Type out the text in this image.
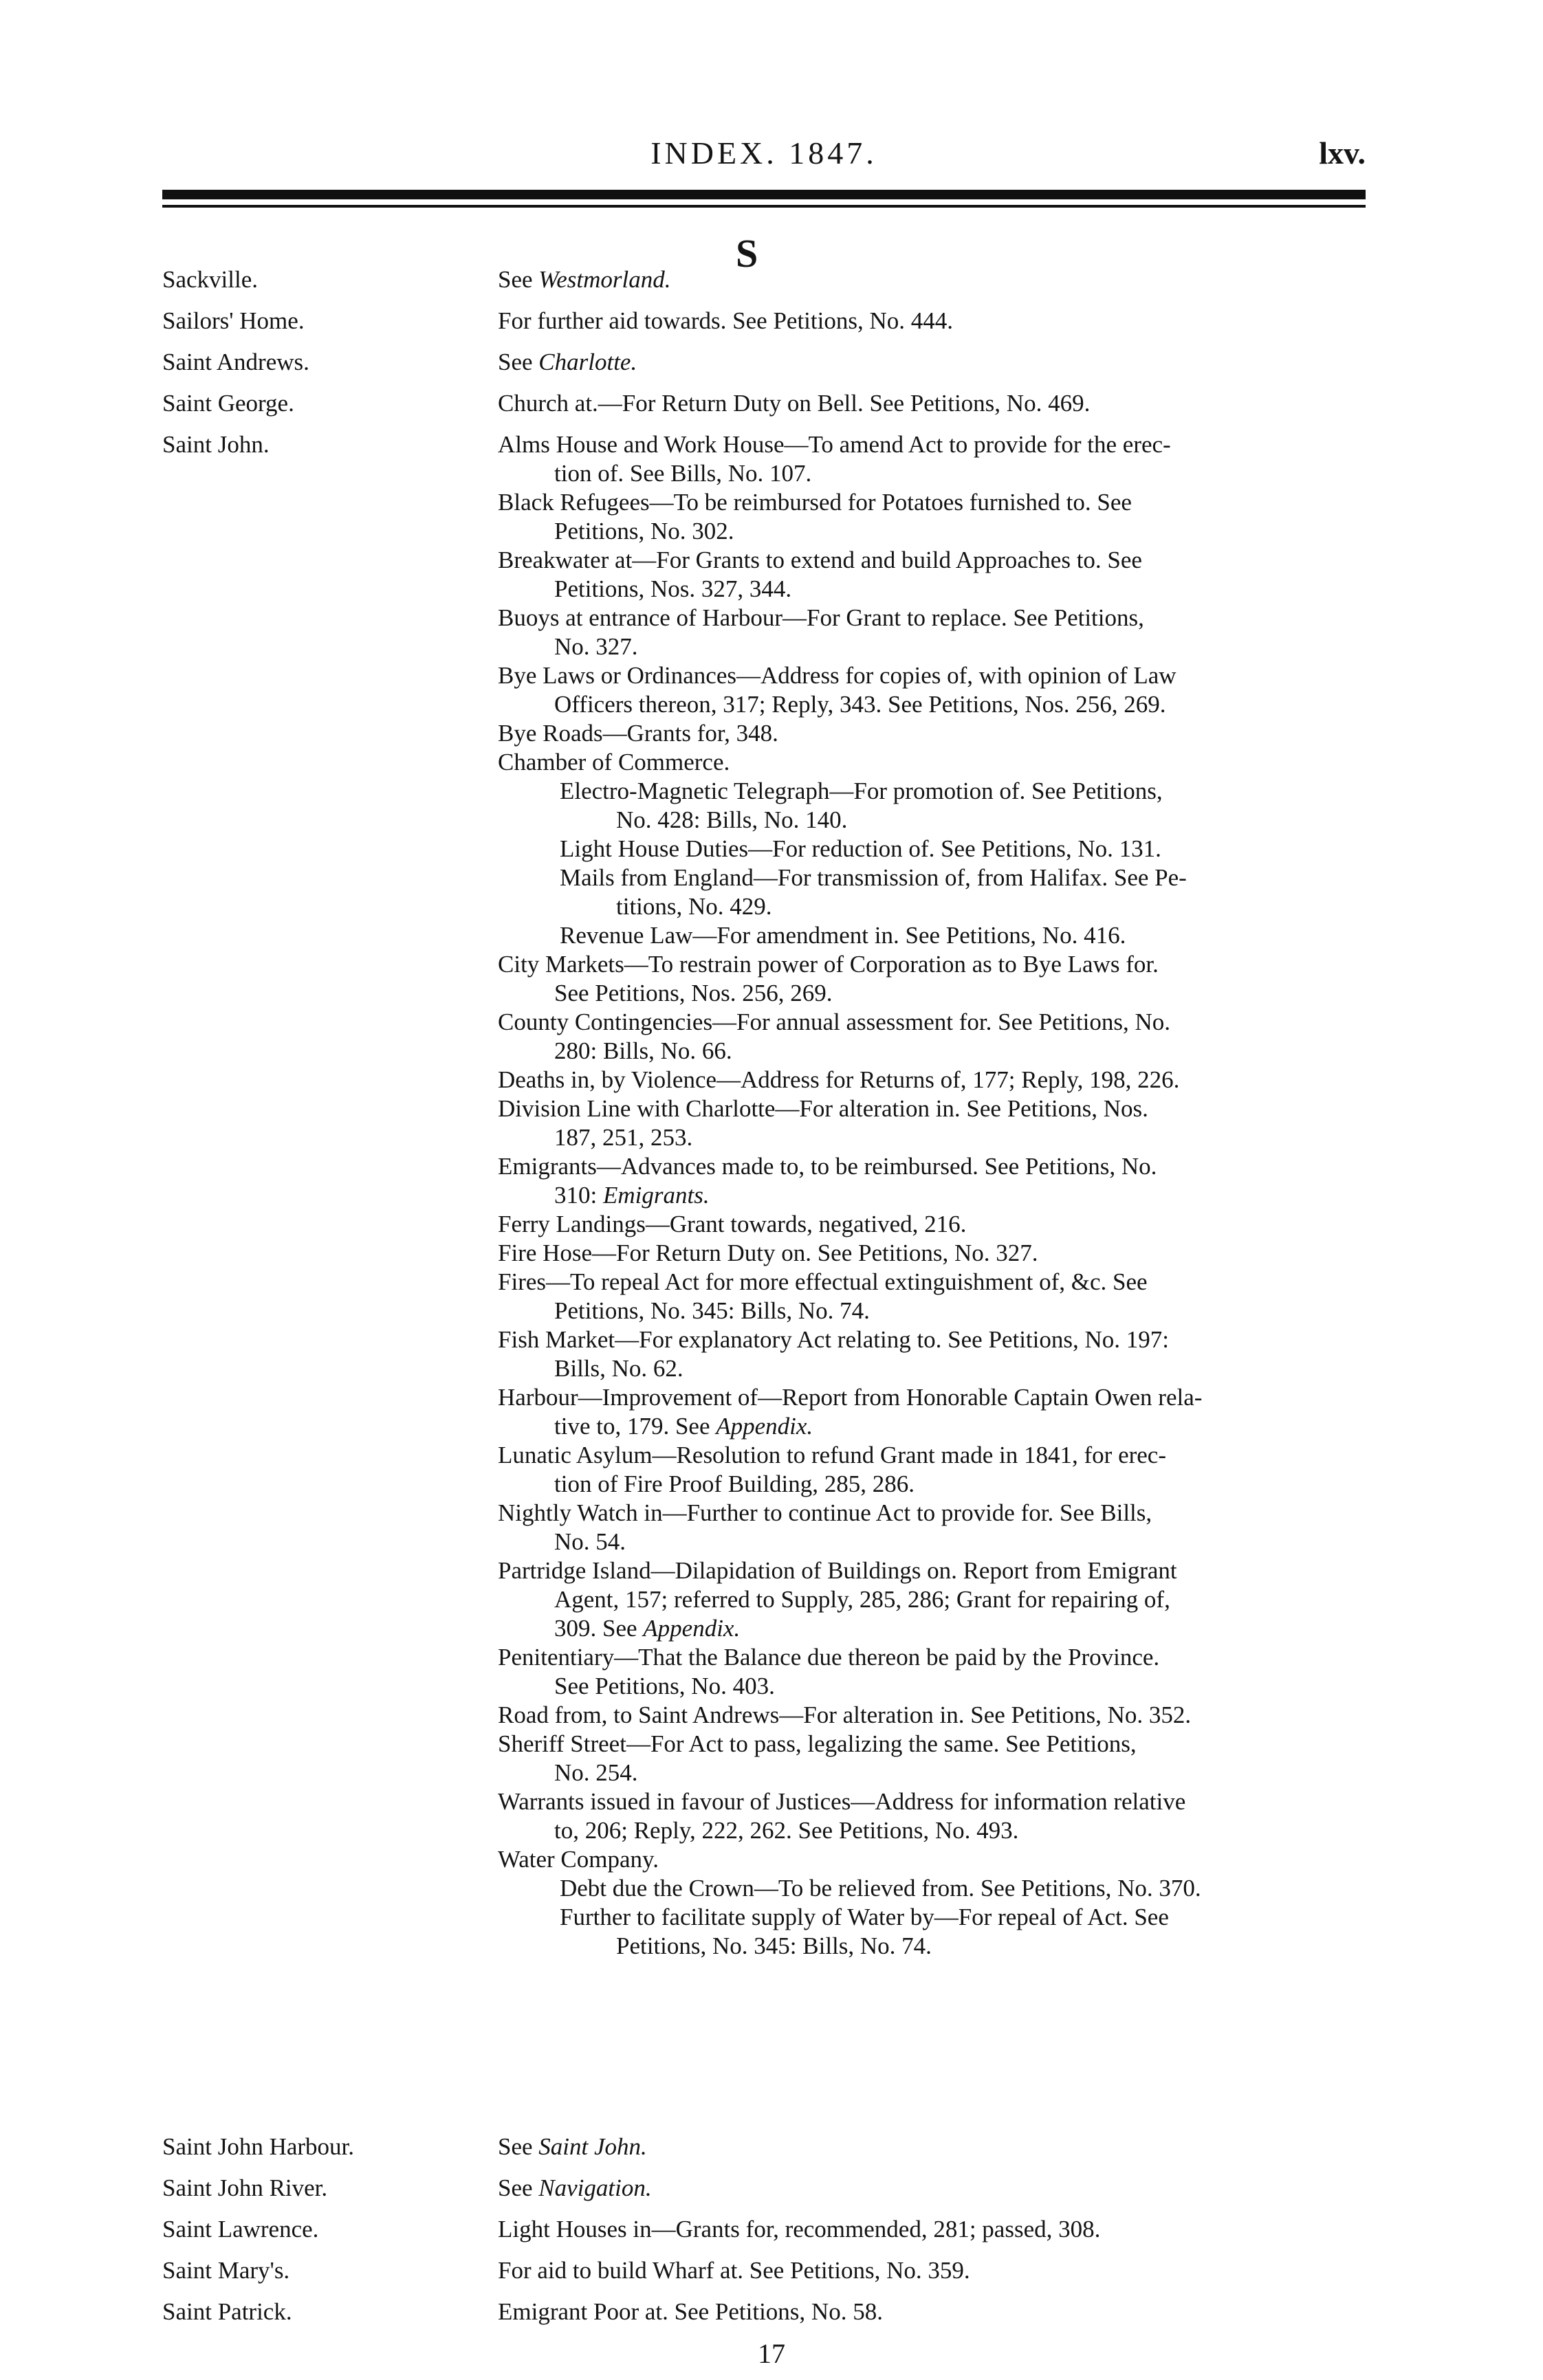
INDEX. 1847.	lxv.
S
Sackville.
Sailors' Home.
Saint Andrews.
Saint George.
Saint John.
See Westmorland.
For further aid towards. See Petitions, No. 444.
See Charlotte.
Church at.—For Return Duty on Bell. See Petitions, No. 469.
Alms House and Work House—To amend Act to provide for the erec-
tion of. See Bills, No. 107.
Black Refugees—To be reimbursed for Potatoes furnished to. See
Petitions, No. 302.
Breakwater at—For Grants to extend and build Approaches to. See
Petitions, Nos. 327, 344.
Buoys at entrance of Harbour—For Grant to replace. See Petitions,
No. 327.
Bye Laws or Ordinances—Address for copies of, with opinion of Law
Officers thereon, 317; Reply, 343. See Petitions, Nos. 256, 269.
Bye Roads—Grants for, 348.
Chamber of Commerce.
Electro-Magnetic Telegraph—For promotion of. See Petitions,
No. 428: Bills, No. 140.
Light House Duties—For reduction of. See Petitions, No. 131.
Mails from England—For transmission of, from Halifax. See Pe-
titions, No. 429.
Revenue Law—For amendment in. See Petitions, No. 416.
City Markets—To restrain power of Corporation as to Bye Laws for.
See Petitions, Nos. 256, 269.
County Contingencies—For annual assessment for. See Petitions, No.
280: Bills, No. 66.
Deaths in, by Violence—Address for Returns of, 177; Reply, 198, 226.
Division Line with Charlotte—For alteration in. See Petitions, Nos.
187, 251, 253.
Emigrants—Advances made to, to be reimbursed. See Petitions, No.
310: Emigrants.
Ferry Landings—Grant towards, negatived, 216.
Fire Hose—For Return Duty on. See Petitions, No. 327.
Fires—To repeal Act for more effectual extinguishment of, &c. See
Petitions, No. 345: Bills, No. 74.
Fish Market—For explanatory Act relating to. See Petitions, No. 197:
Bills, No. 62.
Harbour—Improvement of—Report from Honorable Captain Owen rela-
tive to, 179. See Appendix.
Lunatic Asylum—Resolution to refund Grant made in 1841, for erec-
tion of Fire Proof Building, 285, 286.
Nightly Watch in—Further to continue Act to provide for. See Bills,
No. 54.
Partridge Island—Dilapidation of Buildings on. Report from Emigrant
Agent, 157; referred to Supply, 285, 286; Grant for repairing of,
309. See Appendix.
Penitentiary—That the Balance due thereon be paid by the Province.
See Petitions, No. 403.
Road from, to Saint Andrews—For alteration in. See Petitions, No. 352.
Sheriff Street—For Act to pass, legalizing the same. See Petitions,
No. 254.
Warrants issued in favour of Justices—Address for information relative
to, 206; Reply, 222, 262. See Petitions, No. 493.
Water Company.
Debt due the Crown—To be relieved from. See Petitions, No. 370.
Further to facilitate supply of Water by—For repeal of Act. See
Petitions, No. 345: Bills, No. 74.
Saint John Harbour.
Saint John River.
Saint Lawrence.
Saint Mary's.
Saint Patrick.
See Saint John.
See Navigation.
Light Houses in—Grants for, recommended, 281; passed, 308.
For aid to build Wharf at. See Petitions, No. 359.
Emigrant Poor at. See Petitions, No. 58.
17
